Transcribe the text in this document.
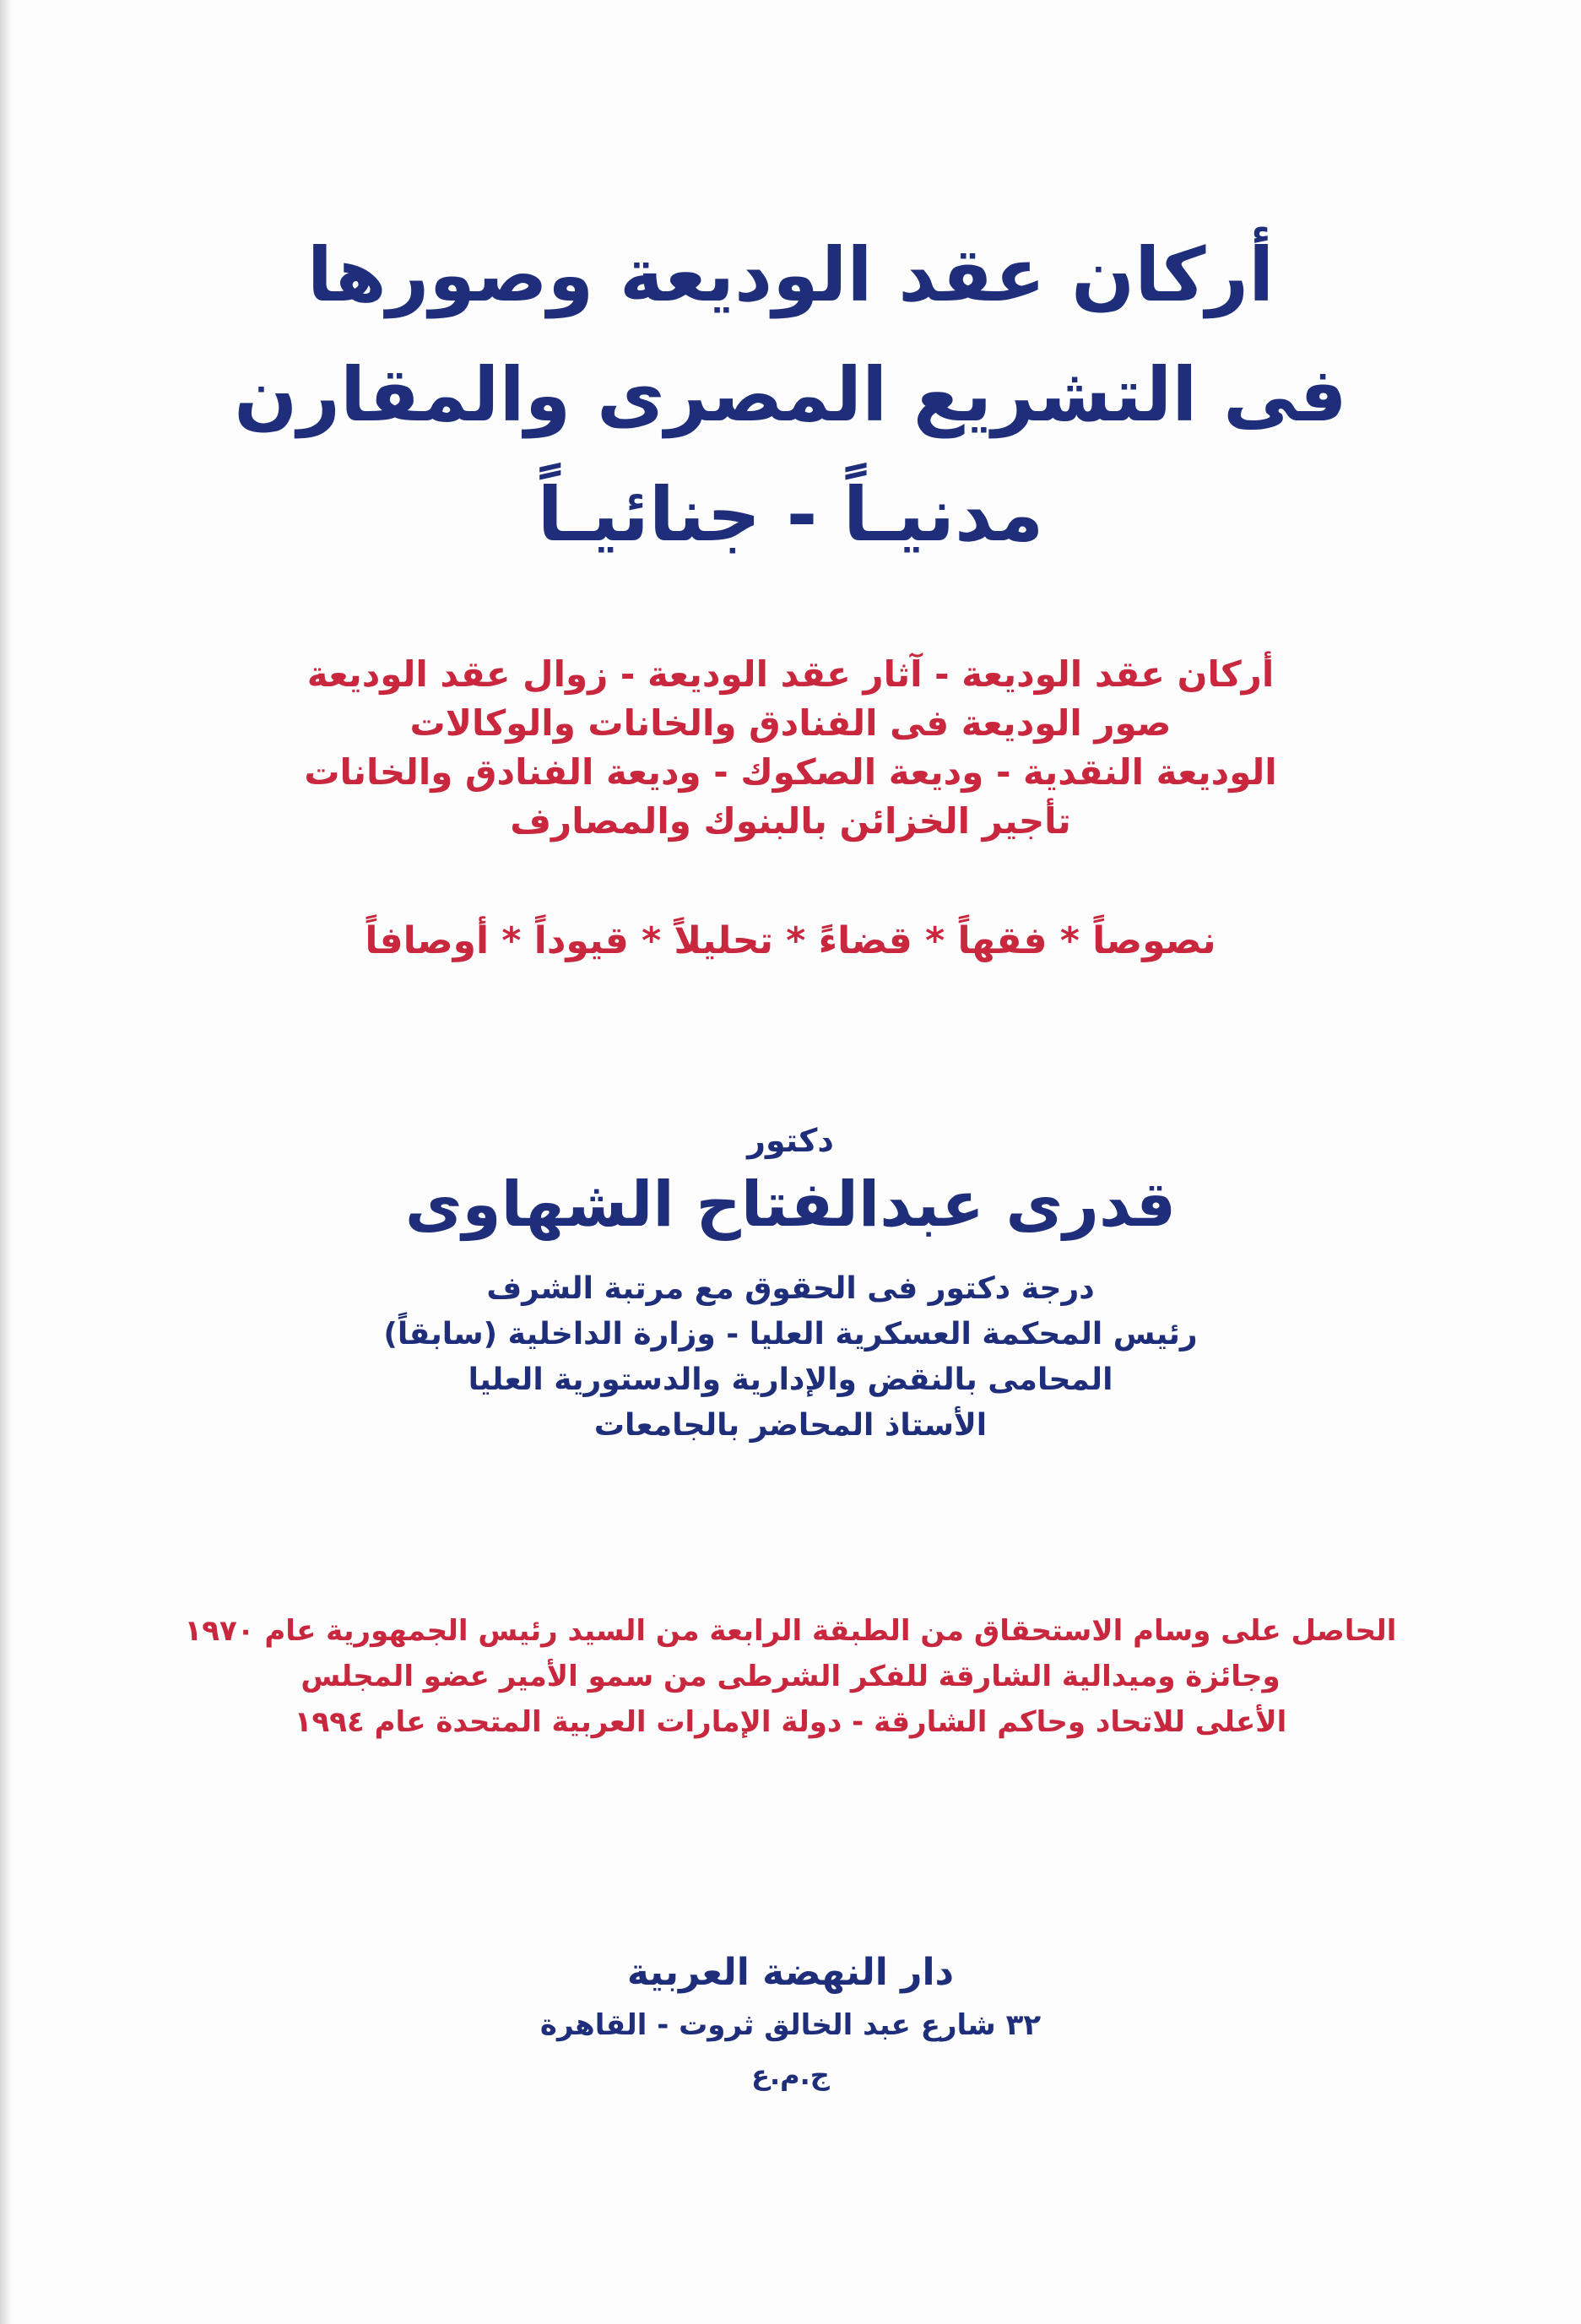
أركان عقد الوديعة وصورها
فى التشريع المصرى والمقارن
مدنيـاً - جنائيـاً
أركان عقد الوديعة - آثار عقد الوديعة - زوال عقد الوديعة
صور الوديعة فى الفنادق والخانات والوكالات
الوديعة النقدية - وديعة الصكوك - وديعة الفنادق والخانات
تأجير الخزائن بالبنوك والمصارف
نصوصاً * فقهاً * قضاءً * تحليلاً * قيوداً * أوصافاً
دكتور
قدرى عبدالفتاح الشهاوى
درجة دكتور فى الحقوق مع مرتبة الشرف
رئيس المحكمة العسكرية العليا - وزارة الداخلية (سابقاً)
المحامى بالنقض والإدارية والدستورية العليا
الأستاذ المحاضر بالجامعات
الحاصل على وسام الاستحقاق من الطبقة الرابعة من السيد رئيس الجمهورية عام ١٩٧٠
وجائزة وميدالية الشارقة للفكر الشرطى من سمو الأمير عضو المجلس
الأعلى للاتحاد وحاكم الشارقة - دولة الإمارات العربية المتحدة عام ١٩٩٤
دار النهضة العربية
٣٢ شارع عبد الخالق ثروت - القاهرة
ج.م.ع
